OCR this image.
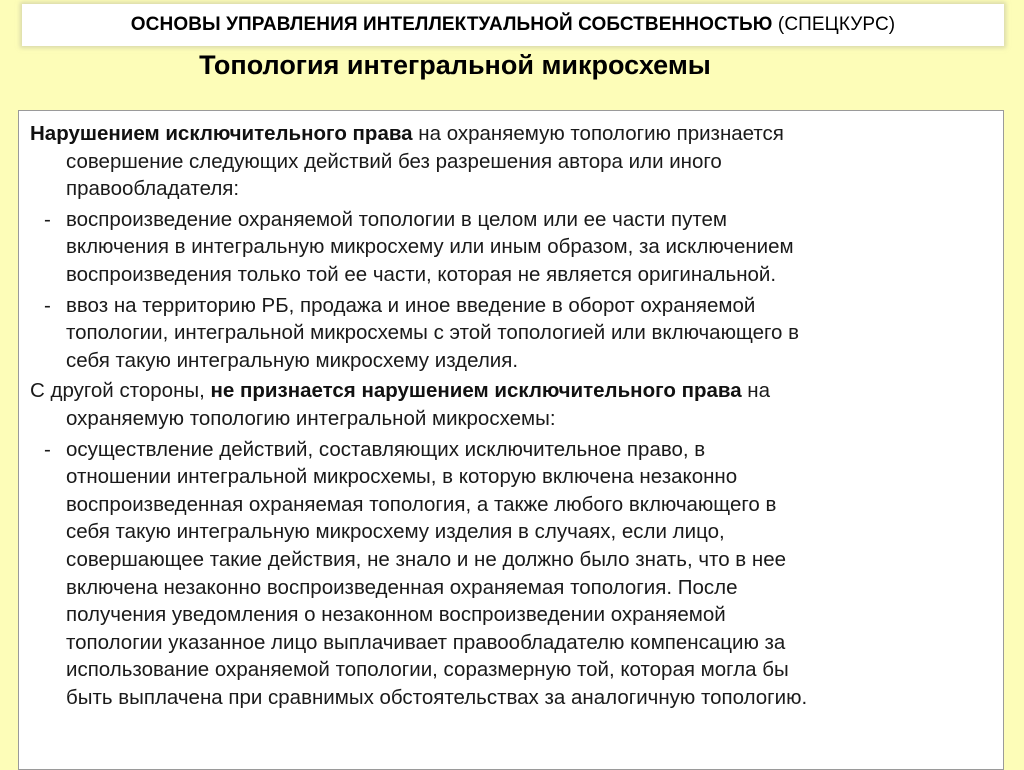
ОСНОВЫ УПРАВЛЕНИЯ ИНТЕЛЛЕКТУАЛЬНОЙ СОБСТВЕННОСТЬЮ (СПЕЦКУРС)
Топология интегральной микросхемы

Нарушением исключительного права на охраняемую топологию признается

совершение следующих действий без разрешения автора или иного

правообладателя:

- воспроизведение охраняемой топологии в целом или ее части путем

включения в интегральную микросхему или иным образом, за исключением

воспроизведения только той ее части, которая не является оригинальной.

- ввоз на территорию РБ, продажа и иное введение в оборот охраняемой

топологии, интегральной микросхемы с этой топологией или включающего в

себя такую интегральную микросхему изделия.

С другой стороны, не признается нарушением исключительного права на

охраняемую топологию интегральной микросхемы:

- осуществление действий, составляющих исключительное право, в

отношении интегральной микросхемы, в которую включена незаконно

воспроизведенная охраняемая топология, а также любого включающего в

себя такую интегральную микросхему изделия в случаях, если лицо,

совершающее такие действия, не знало и не должно было знать, что в нее

включена незаконно воспроизведенная охраняемая топология. После

получения уведомления о незаконном воспроизведении охраняемой

топологии указанное лицо выплачивает правообладателю компенсацию за

использование охраняемой топологии, соразмерную той, которая могла бы

быть выплачена при сравнимых обстоятельствах за аналогичную топологию.
